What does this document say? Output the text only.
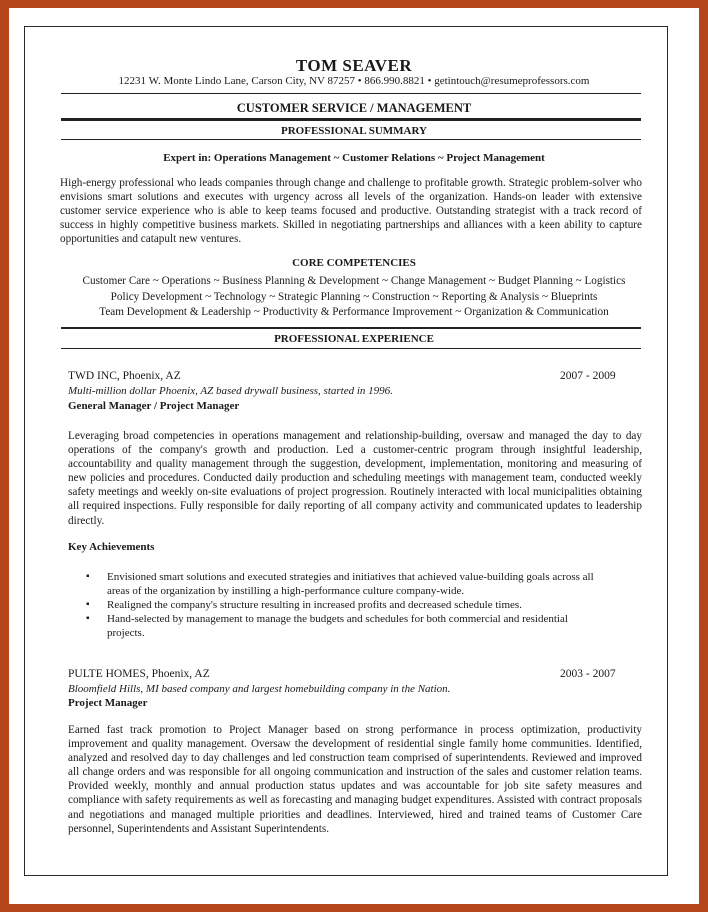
TOM SEAVER
12231 W. Monte Lindo Lane, Carson City, NV 87257 • 866.990.8821 • getintouch@resumeprofessors.com
CUSTOMER SERVICE / MANAGEMENT
PROFESSIONAL SUMMARY
Expert in: Operations Management ~ Customer Relations ~ Project Management
High-energy professional who leads companies through change and challenge to profitable growth. Strategic problem-solver who envisions smart solutions and executes with urgency across all levels of the organization. Hands-on leader with extensive customer service experience who is able to keep teams focused and productive. Outstanding strategist with a track record of success in highly competitive business markets. Skilled in negotiating partnerships and alliances with a keen ability to capture opportunities and catapult new ventures.
CORE COMPETENCIES
Customer Care ~ Operations ~ Business Planning & Development ~ Change Management ~ Budget Planning ~ Logistics
Policy Development ~ Technology ~ Strategic Planning ~ Construction ~ Reporting & Analysis ~ Blueprints
Team Development & Leadership ~ Productivity & Performance Improvement ~ Organization & Communication
PROFESSIONAL EXPERIENCE
TWD INC, Phoenix, AZ	2007 - 2009
Multi-million dollar Phoenix, AZ based drywall business, started in 1996.
General Manager / Project Manager
Leveraging broad competencies in operations management and relationship-building, oversaw and managed the day to day operations of the company's growth and production. Led a customer-centric program through insightful leadership, accountability and quality management through the suggestion, development, implementation, monitoring and measuring of new policies and procedures. Conducted daily production and scheduling meetings with management team, conducted weekly safety meetings and weekly on-site evaluations of project progression. Routinely interacted with local municipalities obtaining all required inspections. Fully responsible for daily reporting of all company activity and communicated updates to leadership directly.
Key Achievements
▪ Envisioned smart solutions and executed strategies and initiatives that achieved value-building goals across all areas of the organization by instilling a high-performance culture company-wide.
▪ Realigned the company's structure resulting in increased profits and decreased schedule times.
▪ Hand-selected by management to manage the budgets and schedules for both commercial and residential projects.
PULTE HOMES, Phoenix, AZ	2003 - 2007
Bloomfield Hills, MI based company and largest homebuilding company in the Nation.
Project Manager
Earned fast track promotion to Project Manager based on strong performance in process optimization, productivity improvement and quality management. Oversaw the development of residential single family home communities. Identified, analyzed and resolved day to day challenges and led construction team comprised of superintendents. Reviewed and improved all change orders and was responsible for all ongoing communication and instruction of the sales and customer relation teams. Provided weekly, monthly and annual production status updates and was accountable for job site safety measures and compliance with safety requirements as well as forecasting and managing budget expenditures. Assisted with contract proposals and negotiations and managed multiple priorities and deadlines. Interviewed, hired and trained teams of Customer Care personnel, Superintendents and Assistant Superintendents.
